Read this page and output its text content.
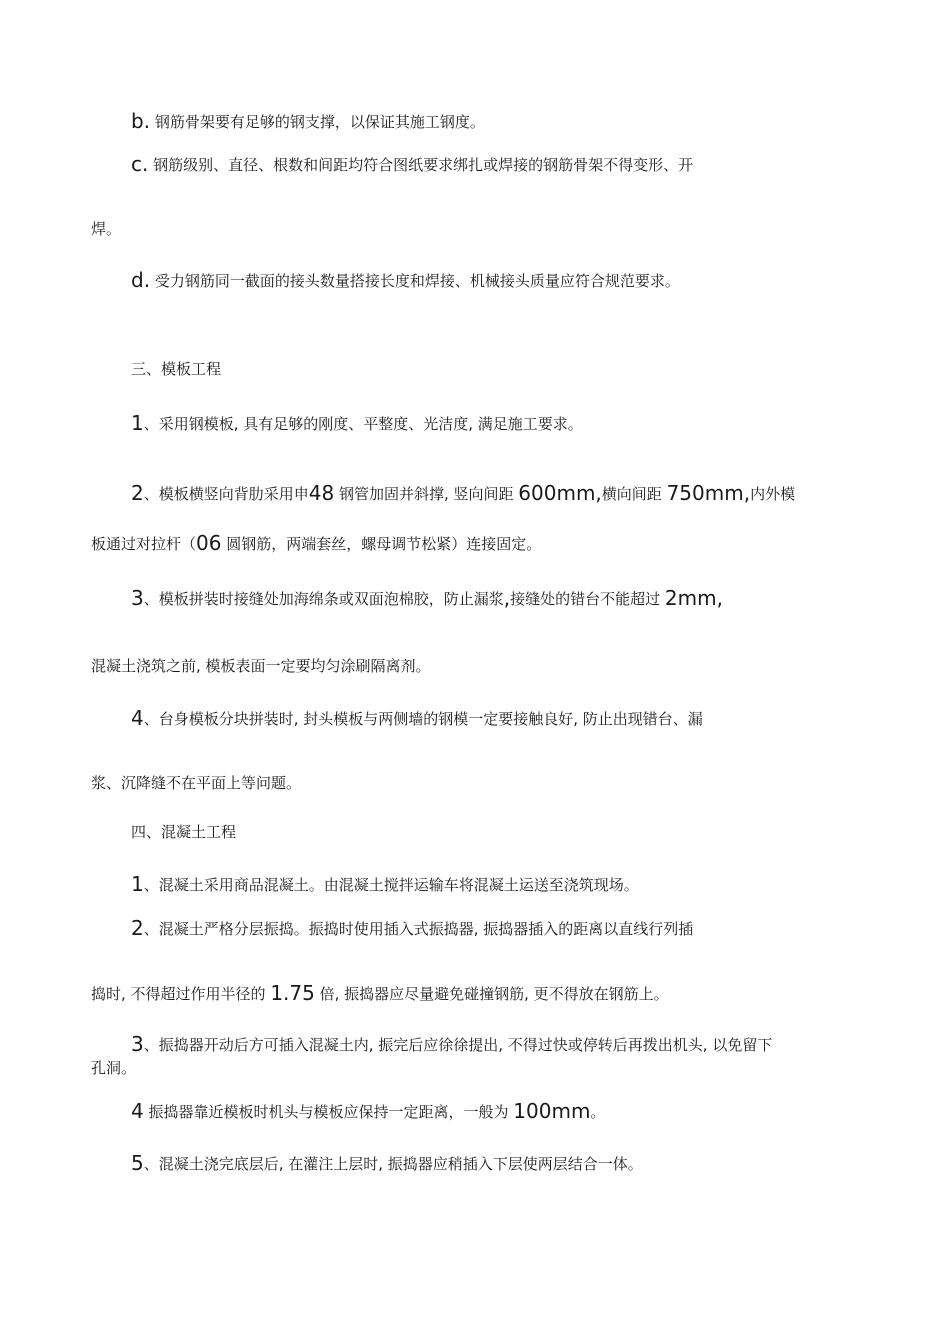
b. 钢筋骨架要有足够的钢支撑，以保证其施工钢度。
c. 钢筋级别、直径、根数和间距均符合图纸要求绑扎或焊接的钢筋骨架不得变形、开
焊。
d. 受力钢筋同一截面的接头数量搭接长度和焊接、机械接头质量应符合规范要求。
三、模板工程
1、采用钢模板, 具有足够的刚度、平整度、光洁度, 满足施工要求。
2、模板横竖向背肋采用申48 钢管加固并斜撑, 竖向间距 600mm,横向间距 750mm,内外模
板通过对拉杆（06 圆钢筋，两端套丝，螺母调节松紧）连接固定。
3、模板拼装时接缝处加海绵条或双面泡棉胶，防止漏浆,接缝处的错台不能超过 2mm,
混凝土浇筑之前, 模板表面一定要均匀涂刷隔离剂。
4、台身模板分块拼装时, 封头模板与两侧墙的钢模一定要接触良好, 防止出现错台、漏
浆、沉降缝不在平面上等问题。
四、混凝土工程
1、混凝土采用商品混凝土。由混凝土搅拌运输车将混凝土运送至浇筑现场。
2、混凝土严格分层振捣。振捣时使用插入式振捣器, 振捣器插入的距离以直线行列插
捣时, 不得超过作用半径的 1.75 倍, 振捣器应尽量避免碰撞钢筋, 更不得放在钢筋上。
3、振捣器开动后方可插入混凝土内, 振完后应徐徐提出, 不得过快或停转后再拨出机头, 以免留下
孔洞。
4 振捣器靠近模板时机头与模板应保持一定距离，一般为 100mm。
5、混凝土浇完底层后, 在灌注上层时, 振捣器应稍插入下层使两层结合一体。
